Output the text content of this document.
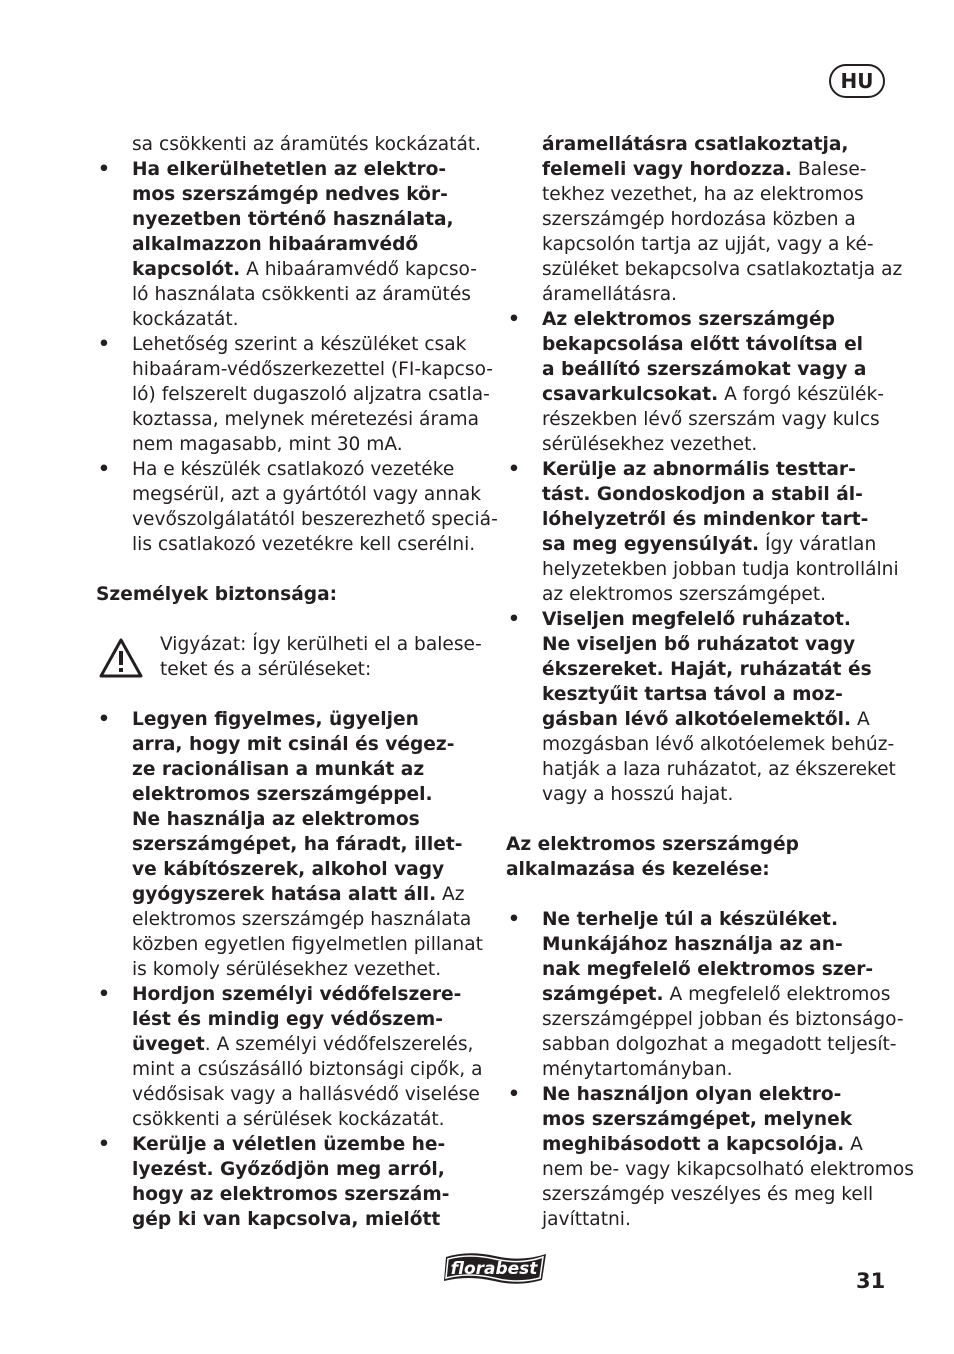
HU
sa csökkenti az áramütés kockázatát.
• Ha elkerülhetetlen az elektro-
mos szerszámgép nedves kör-
nyezetben történő használata,
alkalmazzon hibaáramvédő
kapcsolót. A hibaáramvédő kapcso-
ló használata csökkenti az áramütés
kockázatát.
• Lehetőség szerint a készüléket csak
hibaáram-védőszerkezettel (FI-kapcso-
ló) felszerelt dugaszoló aljzatra csatla-
koztassa, melynek méretezési árama
nem magasabb, mint 30 mA.
• Ha e készülék csatlakozó vezetéke
megsérül, azt a gyártótól vagy annak
vevőszolgálatától beszerezhető speciá-
lis csatlakozó vezetékre kell cserélni.
Személyek biztonsága:
Vigyázat: Így kerülheti el a balese-
teket és a sérüléseket:
• Legyen figyelmes, ügyeljen
arra, hogy mit csinál és végez-
ze racionálisan a munkát az
elektromos szerszámgéppel.
Ne használja az elektromos
szerszámgépet, ha fáradt, illet-
ve kábítószerek, alkohol vagy
gyógyszerek hatása alatt áll. Az
elektromos szerszámgép használata
közben egyetlen figyelmetlen pillanat
is komoly sérülésekhez vezethet.
• Hordjon személyi védőfelszere-
lést és mindig egy védőszem-
üveget. A személyi védőfelszerelés,
mint a csúszásálló biztonsági cipők, a
védősisak vagy a hallásvédő viselése
csökkenti a sérülések kockázatát.
• Kerülje a véletlen üzembe he-
lyezést. Győződjön meg arról,
hogy az elektromos szerszám-
gép ki van kapcsolva, mielőtt
áramellátásra csatlakoztatja,
felemeli vagy hordozza. Balese-
tekhez vezethet, ha az elektromos
szerszámgép hordozása közben a
kapcsolón tartja az ujját, vagy a ké-
szüléket bekapcsolva csatlakoztatja az
áramellátásra.
• Az elektromos szerszámgép
bekapcsolása előtt távolítsa el
a beállító szerszámokat vagy a
csavarkulcsokat. A forgó készülék-
részekben lévő szerszám vagy kulcs
sérülésekhez vezethet.
• Kerülje az abnormális testtar-
tást. Gondoskodjon a stabil ál-
lóhelyzetről és mindenkor tart-
sa meg egyensúlyát. Így váratlan
helyzetekben jobban tudja kontrollálni
az elektromos szerszámgépet.
• Viseljen megfelelő ruházatot.
Ne viseljen bő ruházatot vagy
ékszereket. Haját, ruházatát és
kesztyűit tartsa távol a moz-
gásban lévő alkotóelemektől. A
mozgásban lévő alkotóelemek behúz-
hatják a laza ruházatot, az ékszereket
vagy a hosszú hajat.
Az elektromos szerszámgép
alkalmazása és kezelése:
• Ne terhelje túl a készüléket.
Munkájához használja az an-
nak megfelelő elektromos szer-
számgépet. A megfelelő elektromos
szerszámgéppel jobban és biztonságo-
sabban dolgozhat a megadott teljesít-
ménytartományban.
• Ne használjon olyan elektro-
mos szerszámgépet, melynek
meghibásodott a kapcsolója. A
nem be- vagy kikapcsolható elektromos
szerszámgép veszélyes és meg kell
javíttatni.
florabest	31
